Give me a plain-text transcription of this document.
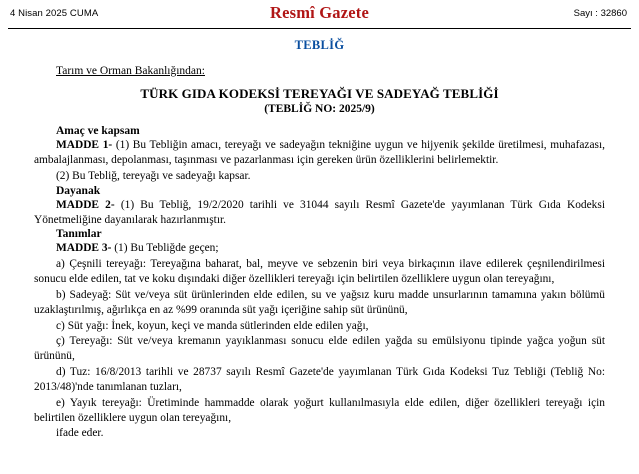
4 Nisan 2025 CUMA	Resmî Gazete	Sayı : 32860
TEBLİĞ
Tarım ve Orman Bakanlığından:
TÜRK GIDA KODEKSİ TEREYAĞI VE SADEYAĞ TEBLİĞİ
(TEBLİĞ NO: 2025/9)
Amaç ve kapsam

MADDE 1- (1) Bu Tebliğin amacı, tereyağı ve sadeyağın tekniğine uygun ve hijyenik şekilde üretilmesi, muhafazası, ambalajlanması, depolanması, taşınması ve pazarlanması için gereken ürün özelliklerini belirlemektir.

(2) Bu Tebliğ, tereyağı ve sadeyağı kapsar.

Dayanak

MADDE 2- (1) Bu Tebliğ, 19/2/2020 tarihli ve 31044 sayılı Resmî Gazete'de yayımlanan Türk Gıda Kodeksi Yönetmeliğine dayanılarak hazırlanmıştır.

Tanımlar

MADDE 3- (1) Bu Tebliğde geçen;

a) Çeşnili tereyağı: Tereyağına baharat, bal, meyve ve sebzenin biri veya birkaçının ilave edilerek çeşnilendirilmesi sonucu elde edilen, tat ve koku dışındaki diğer özellikleri tereyağı için belirtilen özelliklere uygun olan tereyağını,

b) Sadeyağ: Süt ve/veya süt ürünlerinden elde edilen, su ve yağsız kuru madde unsurlarının tamamına yakın bölümü uzaklaştırılmış, ağırlıkça en az %99 oranında süt yağı içeriğine sahip süt ürününü,

c) Süt yağı: İnek, koyun, keçi ve manda sütlerinden elde edilen yağı,

ç) Tereyağı: Süt ve/veya kremanın yayıklanması sonucu elde edilen yağda su emülsiyonu tipinde yağca yoğun süt ürününü,

d) Tuz: 16/8/2013 tarihli ve 28737 sayılı Resmî Gazete'de yayımlanan Türk Gıda Kodeksi Tuz Tebliği (Tebliğ No: 2013/48)'nde tanımlanan tuzları,

e) Yayık tereyağı: Üretiminde hammadde olarak yoğurt kullanılmasıyla elde edilen, diğer özellikleri tereyağı için belirtilen özelliklere uygun olan tereyağını,

ifade eder.
